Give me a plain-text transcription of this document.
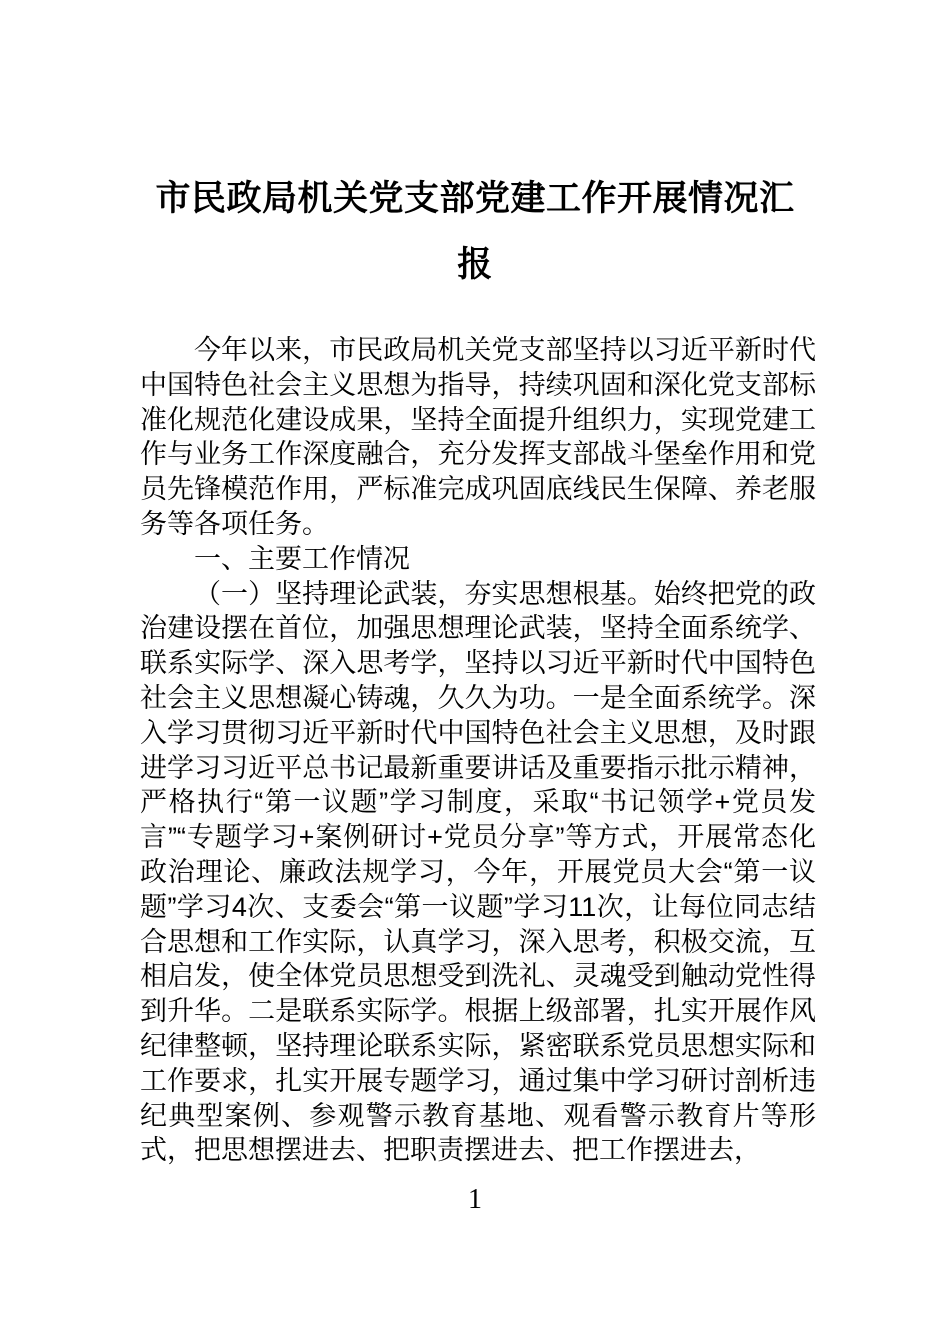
市民政局机关党支部党建工作开展情况汇报

今年以来，市民政局机关党支部坚持以习近平新时代中国特色社会主义思想为指导，持续巩固和深化党支部标准化规范化建设成果，坚持全面提升组织力，实现党建工作与业务工作深度融合，充分发挥支部战斗堡垒作用和党员先锋模范作用，严标准完成巩固底线民生保障、养老服务等各项任务。

一、主要工作情况

（一）坚持理论武装，夯实思想根基。始终把党的政治建设摆在首位，加强思想理论武装，坚持全面系统学、联系实际学、深入思考学，坚持以习近平新时代中国特色社会主义思想凝心铸魂，久久为功。一是全面系统学。深入学习贯彻习近平新时代中国特色社会主义思想，及时跟进学习习近平总书记最新重要讲话及重要指示批示精神，严格执行“第一议题”学习制度，采取“书记领学+党员发言”“专题学习+案例研讨+党员分享”等方式，开展常态化政治理论、廉政法规学习，今年，开展党员大会“第一议题”学习4次、支委会“第一议题”学习11次，让每位同志结合思想和工作实际，认真学习，深入思考，积极交流，互相启发，使全体党员思想受到洗礼、灵魂受到触动党性得到升华。二是联系实际学。根据上级部署，扎实开展作风纪律整顿，坚持理论联系实际，紧密联系党员思想实际和工作要求，扎实开展专题学习，通过集中学习研讨剖析违纪典型案例、参观警示教育基地、观看警示教育片等形式，把思想摆进去、把职责摆进去、把工作摆进去，

1
